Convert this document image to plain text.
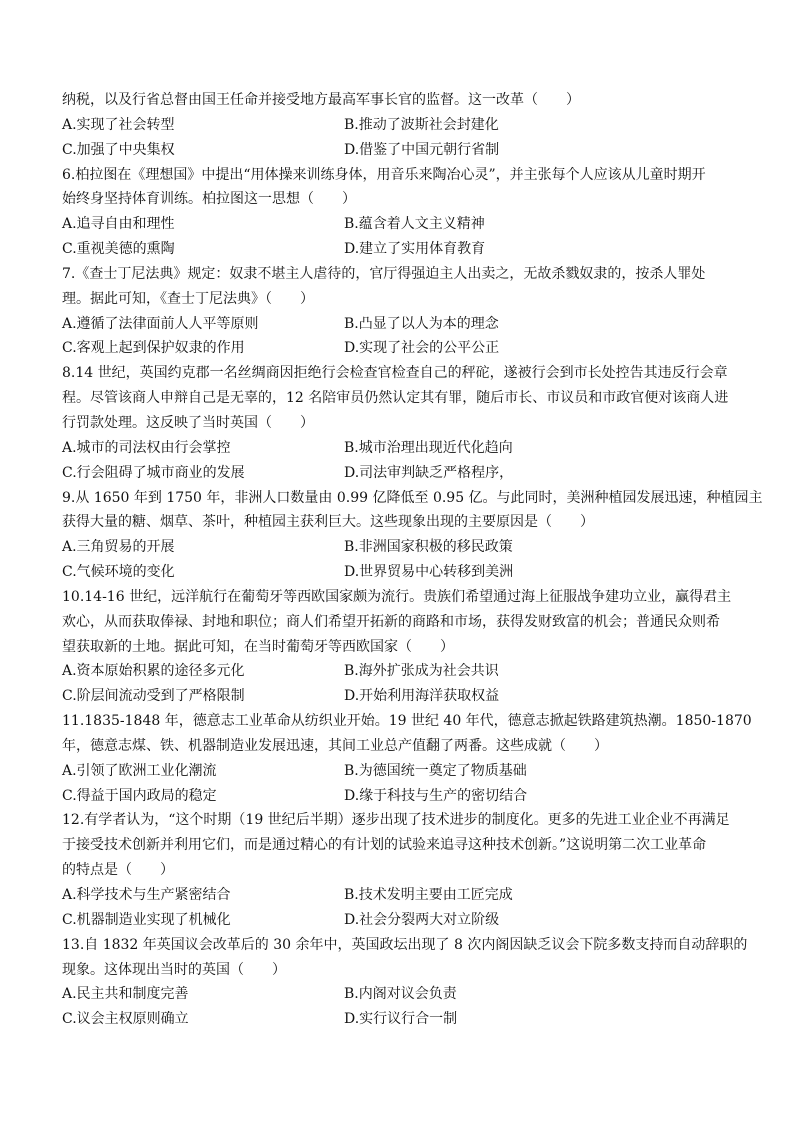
纳税，以及行省总督由国王任命并接受地方最高军事长官的监督。这一改革（　　）
A.实现了社会转型	B.推动了波斯社会封建化
C.加强了中央集权	D.借鉴了中国元朝行省制
6.柏拉图在《理想国》中提出“用体操来训练身体，用音乐来陶冶心灵”，并主张每个人应该从儿童时期开
始终身坚持体育训练。柏拉图这一思想（　　）
A.追寻自由和理性	B.蕴含着人文主义精神
C.重视美德的熏陶	D.建立了实用体育教育
7.《查士丁尼法典》规定：奴隶不堪主人虐待的，官厅得强迫主人出卖之，无故杀戮奴隶的，按杀人罪处
理。据此可知，《查士丁尼法典》（　　）
A.遵循了法律面前人人平等原则	B.凸显了以人为本的理念
C.客观上起到保护奴隶的作用	D.实现了社会的公平公正
8.14 世纪，英国约克郡一名丝绸商因拒绝行会检查官检查自己的秤砣，遂被行会到市长处控告其违反行会章
程。尽管该商人申辩自己是无辜的，12 名陪审员仍然认定其有罪，随后市长、市议员和市政官便对该商人进
行罚款处理。这反映了当时英国（　　）
A.城市的司法权由行会掌控	B.城市治理出现近代化趋向
C.行会阻碍了城市商业的发展	D.司法审判缺乏严格程序，
9.从 1650 年到 1750 年，非洲人口数量由 0.99 亿降低至 0.95 亿。与此同时，美洲种植园发展迅速，种植园主
获得大量的糖、烟草、茶叶，种植园主获利巨大。这些现象出现的主要原因是（　　）
A.三角贸易的开展	B.非洲国家积极的移民政策
C.气候环境的变化	D.世界贸易中心转移到美洲
10.14-16 世纪，远洋航行在葡萄牙等西欧国家颇为流行。贵族们希望通过海上征服战争建功立业，赢得君主
欢心，从而获取俸禄、封地和职位；商人们希望开拓新的商路和市场，获得发财致富的机会；普通民众则希
望获取新的土地。据此可知，在当时葡萄牙等西欧国家（　　）
A.资本原始积累的途径多元化	B.海外扩张成为社会共识
C.阶层间流动受到了严格限制	D.开始利用海洋获取权益
11.1835-1848 年，德意志工业革命从纺织业开始。19 世纪 40 年代，德意志掀起铁路建筑热潮。1850-1870
年，德意志煤、铁、机器制造业发展迅速，其间工业总产值翻了两番。这些成就（　　）
A.引领了欧洲工业化潮流	B.为德国统一奠定了物质基础
C.得益于国内政局的稳定	D.缘于科技与生产的密切结合
12.有学者认为，“这个时期（19 世纪后半期）逐步出现了技术进步的制度化。更多的先进工业企业不再满足
于接受技术创新并利用它们，而是通过精心的有计划的试验来追寻这种技术创新。”这说明第二次工业革命
的特点是（　　）
A.科学技术与生产紧密结合	B.技术发明主要由工匠完成
C.机器制造业实现了机械化	D.社会分裂两大对立阶级
13.自 1832 年英国议会改革后的 30 余年中，英国政坛出现了 8 次内阁因缺乏议会下院多数支持而自动辞职的
现象。这体现出当时的英国（　　）
A.民主共和制度完善	B.内阁对议会负责
C.议会主权原则确立	D.实行议行合一制
